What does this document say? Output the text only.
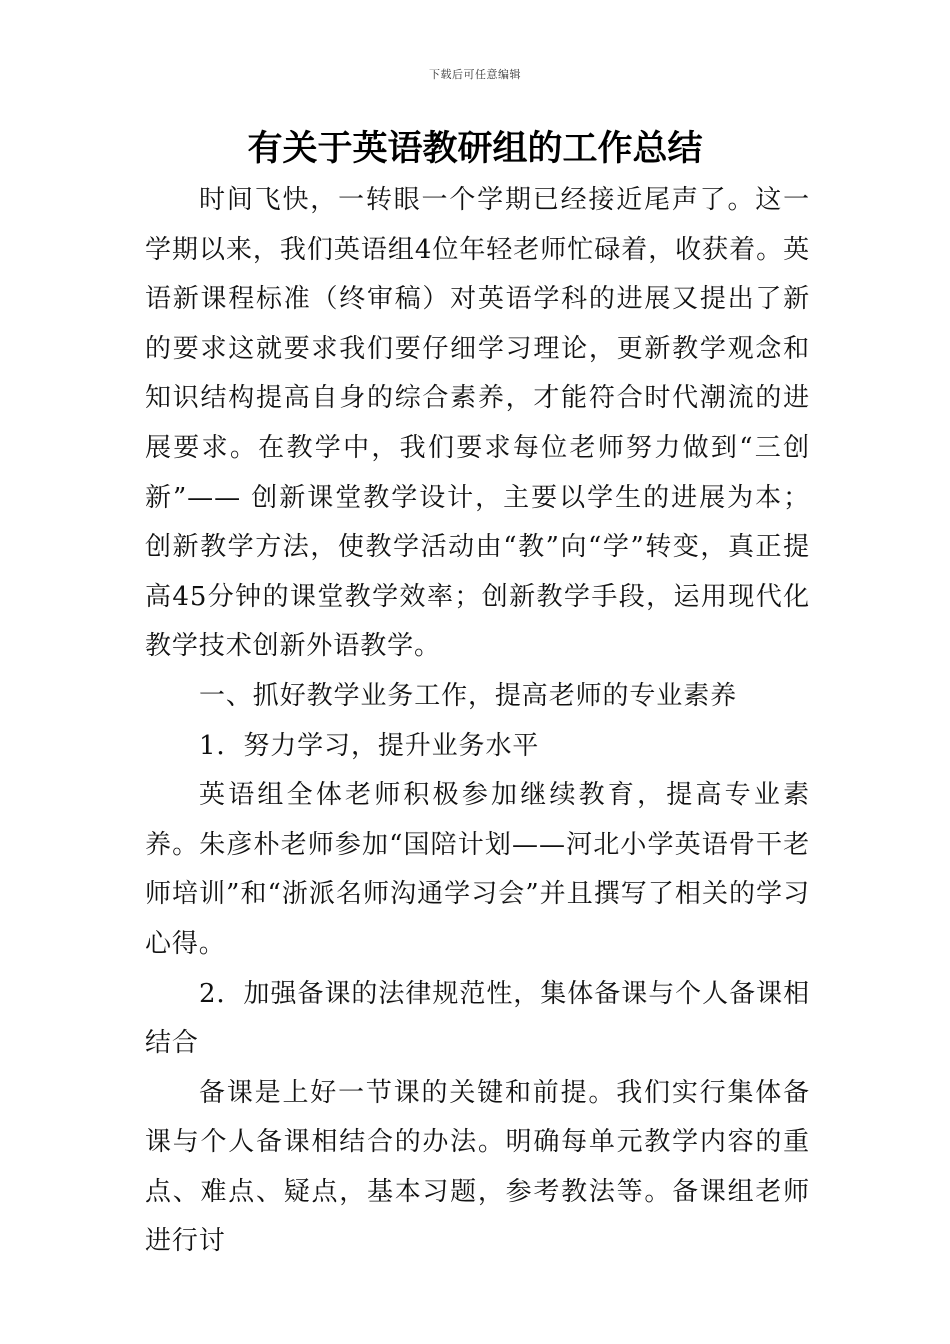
下载后可任意编辑
有关于英语教研组的工作总结

时间飞快，一转眼一个学期已经接近尾声了。这一学期以来，我们英语组4位年轻老师忙碌着，收获着。英语新课程标准（终审稿）对英语学科的进展又提出了新的要求这就要求我们要仔细学习理论，更新教学观念和知识结构提高自身的综合素养，才能符合时代潮流的进展要求。在教学中，我们要求每位老师努力做到“三创新”—— 创新课堂教学设计，主要以学生的进展为本；创新教学方法，使教学活动由“教”向“学”转变，真正提高45分钟的课堂教学效率；创新教学手段，运用现代化教学技术创新外语教学。

一、抓好教学业务工作，提高老师的专业素养

1．努力学习，提升业务水平

英语组全体老师积极参加继续教育，提高专业素养。朱彦朴老师参加“国陪计划——河北小学英语骨干老师培训”和“浙派名师沟通学习会”并且撰写了相关的学习心得。

2．加强备课的法律规范性，集体备课与个人备课相结合

备课是上好一节课的关键和前提。我们实行集体备课与个人备课相结合的办法。明确每单元教学内容的重点、难点、疑点，基本习题，参考教法等。备课组老师进行讨
